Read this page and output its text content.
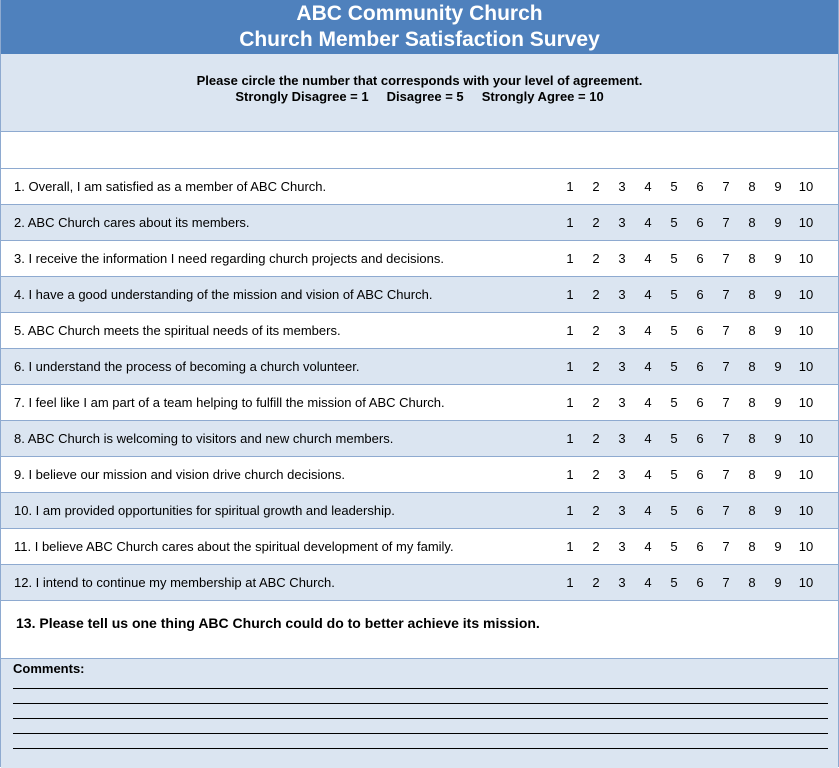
ABC Community Church
Church Member Satisfaction Survey
Please circle the number that corresponds with your level of agreement.
Strongly Disagree = 1     Disagree = 5     Strongly Agree = 10
1. Overall, I am satisfied as a member of ABC Church.	1	2	3	4	5	6	7	8	9	10
2. ABC Church cares about its members.	1	2	3	4	5	6	7	8	9	10
3. I receive the information I need regarding church projects and decisions.	1	2	3	4	5	6	7	8	9	10
4. I have a good understanding of the mission and vision of ABC Church.	1	2	3	4	5	6	7	8	9	10
5. ABC Church meets the spiritual needs of its members.	1	2	3	4	5	6	7	8	9	10
6. I understand the process of becoming a church volunteer.	1	2	3	4	5	6	7	8	9	10
7. I feel like I am part of a team helping to fulfill the mission of ABC Church.	1	2	3	4	5	6	7	8	9	10
8. ABC Church is welcoming to visitors and new church members.	1	2	3	4	5	6	7	8	9	10
9. I believe our mission and vision drive church decisions.	1	2	3	4	5	6	7	8	9	10
10. I am provided opportunities for spiritual growth and leadership.	1	2	3	4	5	6	7	8	9	10
11. I believe ABC Church cares about the spiritual development of my family.	1	2	3	4	5	6	7	8	9	10
12. I intend to continue my membership at ABC Church.	1	2	3	4	5	6	7	8	9	10
13. Please tell us one thing ABC Church could do to better achieve its mission.
Comments:
